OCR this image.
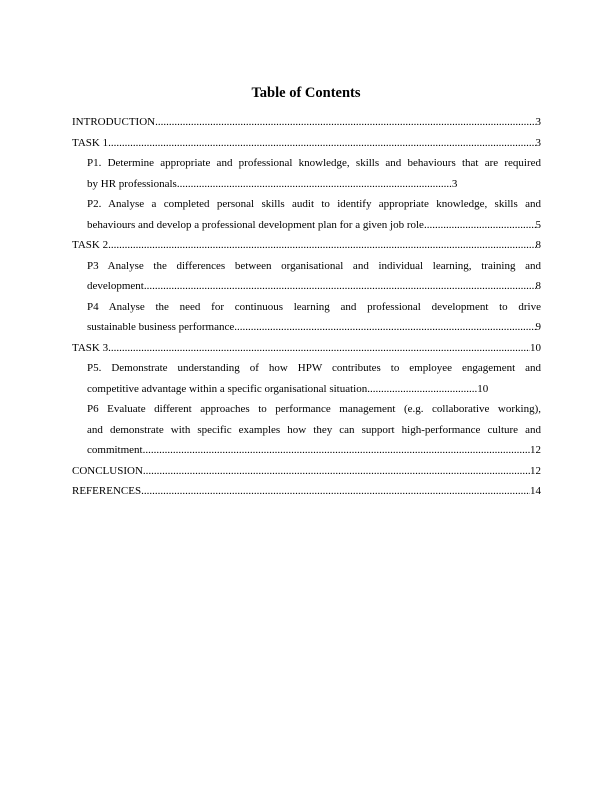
Table of Contents
INTRODUCTION .....	3
TASK 1 .....	3
P1. Determine appropriate and professional knowledge, skills and behaviours that are required
by HR professionals .................................................................................................... 3
P2. Analyse a completed personal skills audit to identify appropriate knowledge, skills and
behaviours and develop a professional development plan for a given job role .....	5
TASK 2 .....	8
P3 Analyse the differences between organisational and individual learning, training and
development .....	8
P4 Analyse the need for continuous learning and professional development to drive
sustainable business performance .....	9
TASK 3 .....	10
P5. Demonstrate understanding of how HPW contributes to employee engagement and
competitive advantage within a specific organisational situation ........................................ 10
P6 Evaluate different approaches to performance management (e.g. collaborative working),
and demonstrate with specific examples how they can support high-performance culture and
commitment .....	12
CONCLUSION .....	12
REFERENCES .....	14
